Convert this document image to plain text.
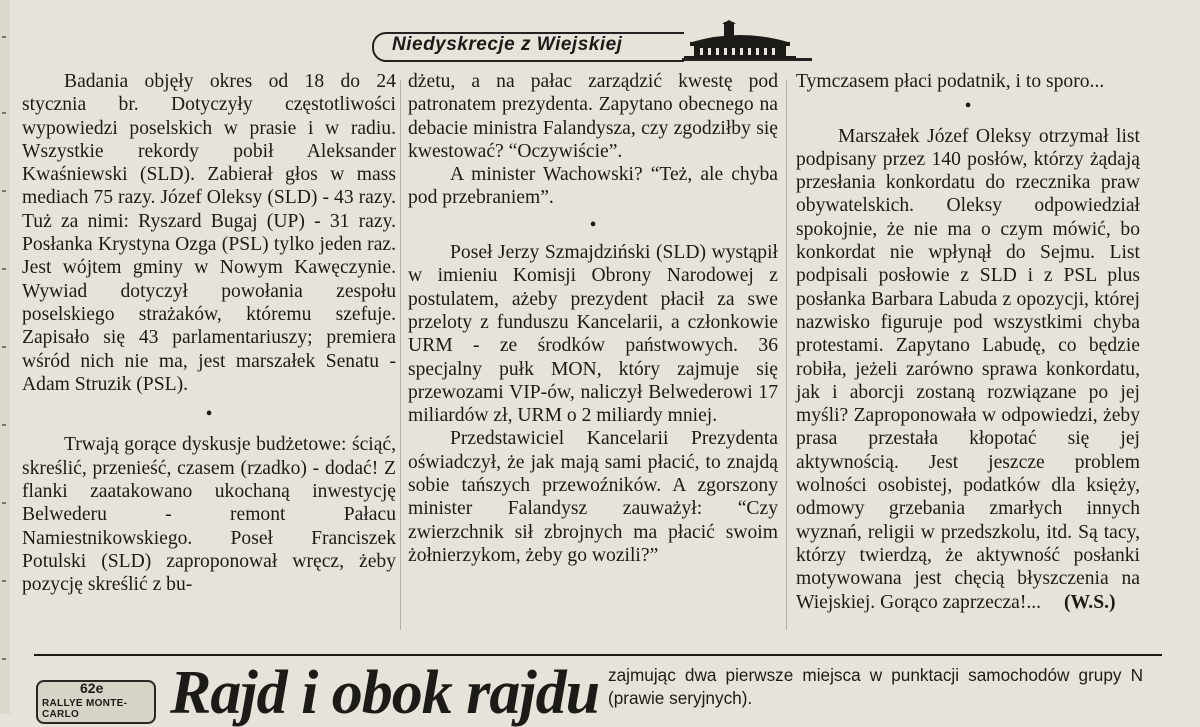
Niedyskrecje z Wiejskiej

Badania objęły okres od 18 do 24 stycznia br. Dotyczyły częstotliwości wypowiedzi poselskich w prasie i w radiu. Wszystkie rekordy pobił Aleksander Kwaśniewski (SLD). Zabierał głos w mass mediach 75 razy. Józef Oleksy (SLD) - 43 razy. Tuż za nimi: Ryszard Bugaj (UP) - 31 razy. Posłanka Krystyna Ozga (PSL) tylko jeden raz. Jest wójtem gminy w Nowym Kawęczynie. Wywiad dotyczył powołania zespołu poselskiego strażaków, któremu szefuje. Zapisało się 43 parlamentariuszy; premiera wśród nich nie ma, jest marszałek Senatu - Adam Struzik (PSL).

•

Trwają gorące dyskusje budżetowe: ściąć, skreślić, przenieść, czasem (rzadko) - dodać! Z flanki zaatakowano ukochaną inwestycję Belwederu - remont Pałacu Namiestnikowskiego. Poseł Franciszek Potulski (SLD) zaproponował wręcz, żeby pozycję skreślić z bu-

dżetu, a na pałac zarządzić kwestę pod patronatem prezydenta. Zapytano obecnego na debacie ministra Falandysza, czy zgodziłby się kwestować? “Oczywiście”.

A minister Wachowski? “Też, ale chyba pod przebraniem”.

•

Poseł Jerzy Szmajdziński (SLD) wystąpił w imieniu Komisji Obrony Narodowej z postulatem, ażeby prezydent płacił za swe przeloty z funduszu Kancelarii, a członkowie URM - ze środków państwowych. 36 specjalny pułk MON, który zajmuje się przewozami VIP-ów, naliczył Belwederowi 17 miliardów zł, URM o 2 miliardy mniej.

Przedstawiciel Kancelarii Prezydenta oświadczył, że jak mają sami płacić, to znajdą sobie tańszych przewoźników. A zgorszony minister Falandysz zauważył: “Czy zwierzchnik sił zbrojnych ma płacić swoim żołnierzykom, żeby go wozili?”

Tymczasem płaci podatnik, i to sporo...

•

Marszałek Józef Oleksy otrzymał list podpisany przez 140 posłów, którzy żądają przesłania konkordatu do rzecznika praw obywatelskich. Oleksy odpowiedział spokojnie, że nie ma o czym mówić, bo konkordat nie wpłynął do Sejmu. List podpisali posłowie z SLD i z PSL plus posłanka Barbara Labuda z opozycji, której nazwisko figuruje pod wszystkimi chyba protestami. Zapytano Labudę, co będzie robiła, jeżeli zarówno sprawa konkordatu, jak i aborcji zostaną rozwiązane po jej myśli? Zaproponowała w odpowiedzi, żeby prasa przestała kłopotać się jej aktywnością. Jest jeszcze problem wolności osobistej, podatków dla księży, odmowy grzebania zmarłych innych wyznań, religii w przedszkolu, itd. Są tacy, którzy twierdzą, że aktywność posłanki motywowana jest chęcią błyszczenia na Wiejskiej. Gorąco zaprzecza!... (W.S.)

62e
RALLYE MONTE-CARLO	Rajd i obok rajdu zajmując dwa pierwsze miejsca w punktacji samochodów grupy N (prawie seryjnych).
